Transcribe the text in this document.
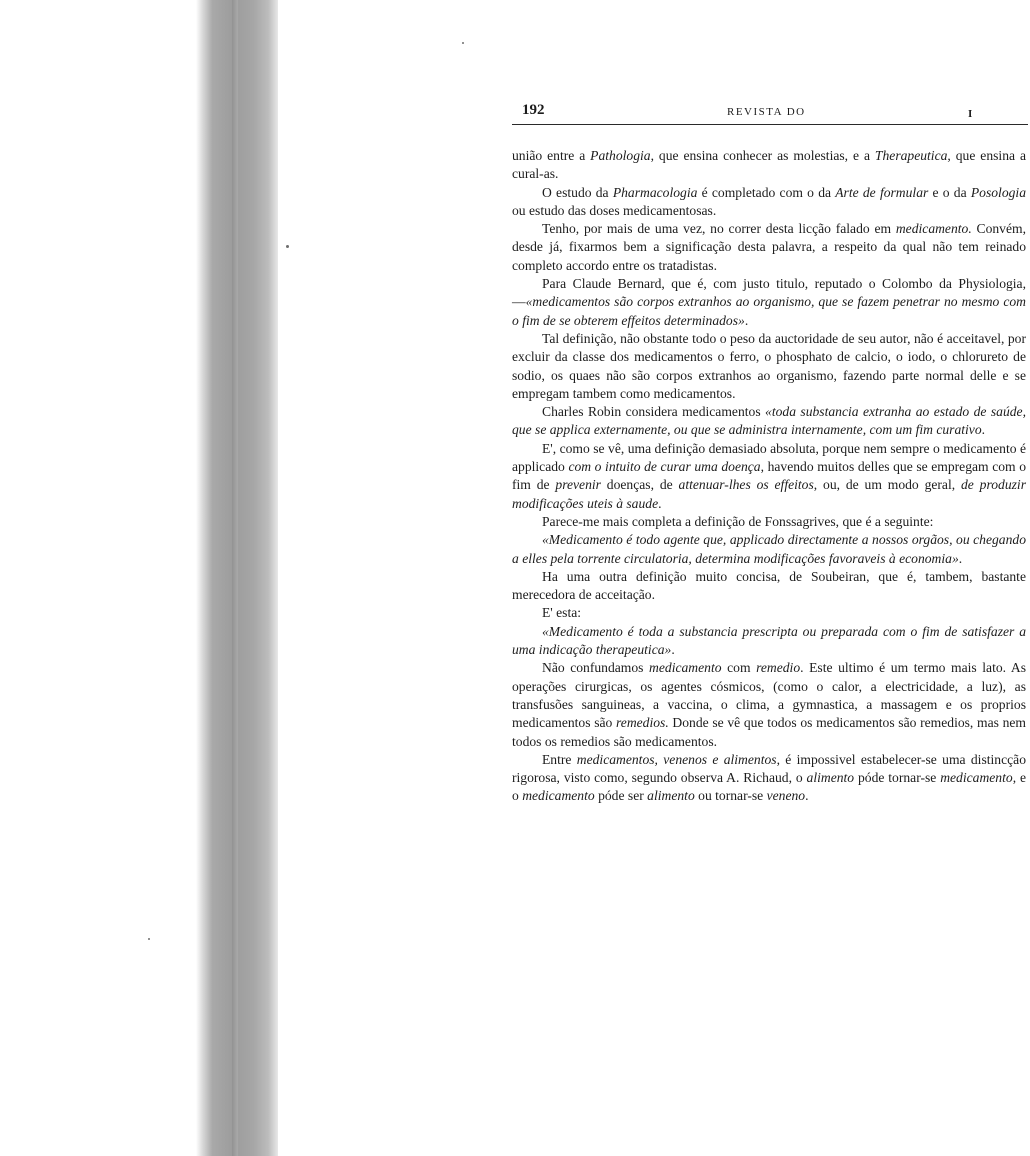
192	REVISTA DO	I

união entre a Pathologia, que ensina conhecer as molestias, e a Therapeutica, que ensina a cural-as.

O estudo da Pharmacologia é completado com o da Arte de formular e o da Posologia ou estudo das doses medicamentosas.

Tenho, por mais de uma vez, no correr desta licção falado em medicamento. Convém, desde já, fixarmos bem a significação desta palavra, a respeito da qual não tem reinado completo accordo entre os tratadistas.

Para Claude Bernard, que é, com justo titulo, reputado o Colombo da Physiologia,—«medicamentos são corpos extranhos ao organismo, que se fazem penetrar no mesmo com o fim de se obterem effeitos determinados».

Tal definição, não obstante todo o peso da auctoridade de seu autor, não é acceitavel, por excluir da classe dos medicamentos o ferro, o phosphato de calcio, o iodo, o chlorureto de sodio, os quaes não são corpos extranhos ao organismo, fazendo parte normal delle e se empregam tambem como medicamentos.

Charles Robin considera medicamentos «toda substancia extranha ao estado de saúde, que se applica externamente, ou que se administra internamente, com um fim curativo.

E', como se vê, uma definição demasiado absoluta, porque nem sempre o medicamento é applicado com o intuito de curar uma doença, havendo muitos delles que se empregam com o fim de prevenir doenças, de attenuar-lhes os effeitos, ou, de um modo geral, de produzir modificações uteis à saude.

Parece-me mais completa a definição de Fonssagrives, que é a seguinte:

«Medicamento é todo agente que, applicado directamente a nossos orgãos, ou chegando a elles pela torrente circulatoria, determina modificações favoraveis à economia».

Ha uma outra definição muito concisa, de Soubeiran, que é, tambem, bastante merecedora de acceitação.

E' esta:

«Medicamento é toda a substancia prescripta ou preparada com o fim de satisfazer a uma indicação therapeutica».

Não confundamos medicamento com remedio. Este ultimo é um termo mais lato. As operações cirurgicas, os agentes cósmicos, (como o calor, a electricidade, a luz), as transfusões sanguineas, a vaccina, o clima, a gymnastica, a massagem e os proprios medicamentos são remedios. Donde se vê que todos os medicamentos são remedios, mas nem todos os remedios são medicamentos.

Entre medicamentos, venenos e alimentos, é impossivel estabelecer-se uma distincção rigorosa, visto como, segundo observa A. Richaud, o alimento póde tornar-se medicamento, e o medicamento póde ser alimento ou tornar-se veneno.
